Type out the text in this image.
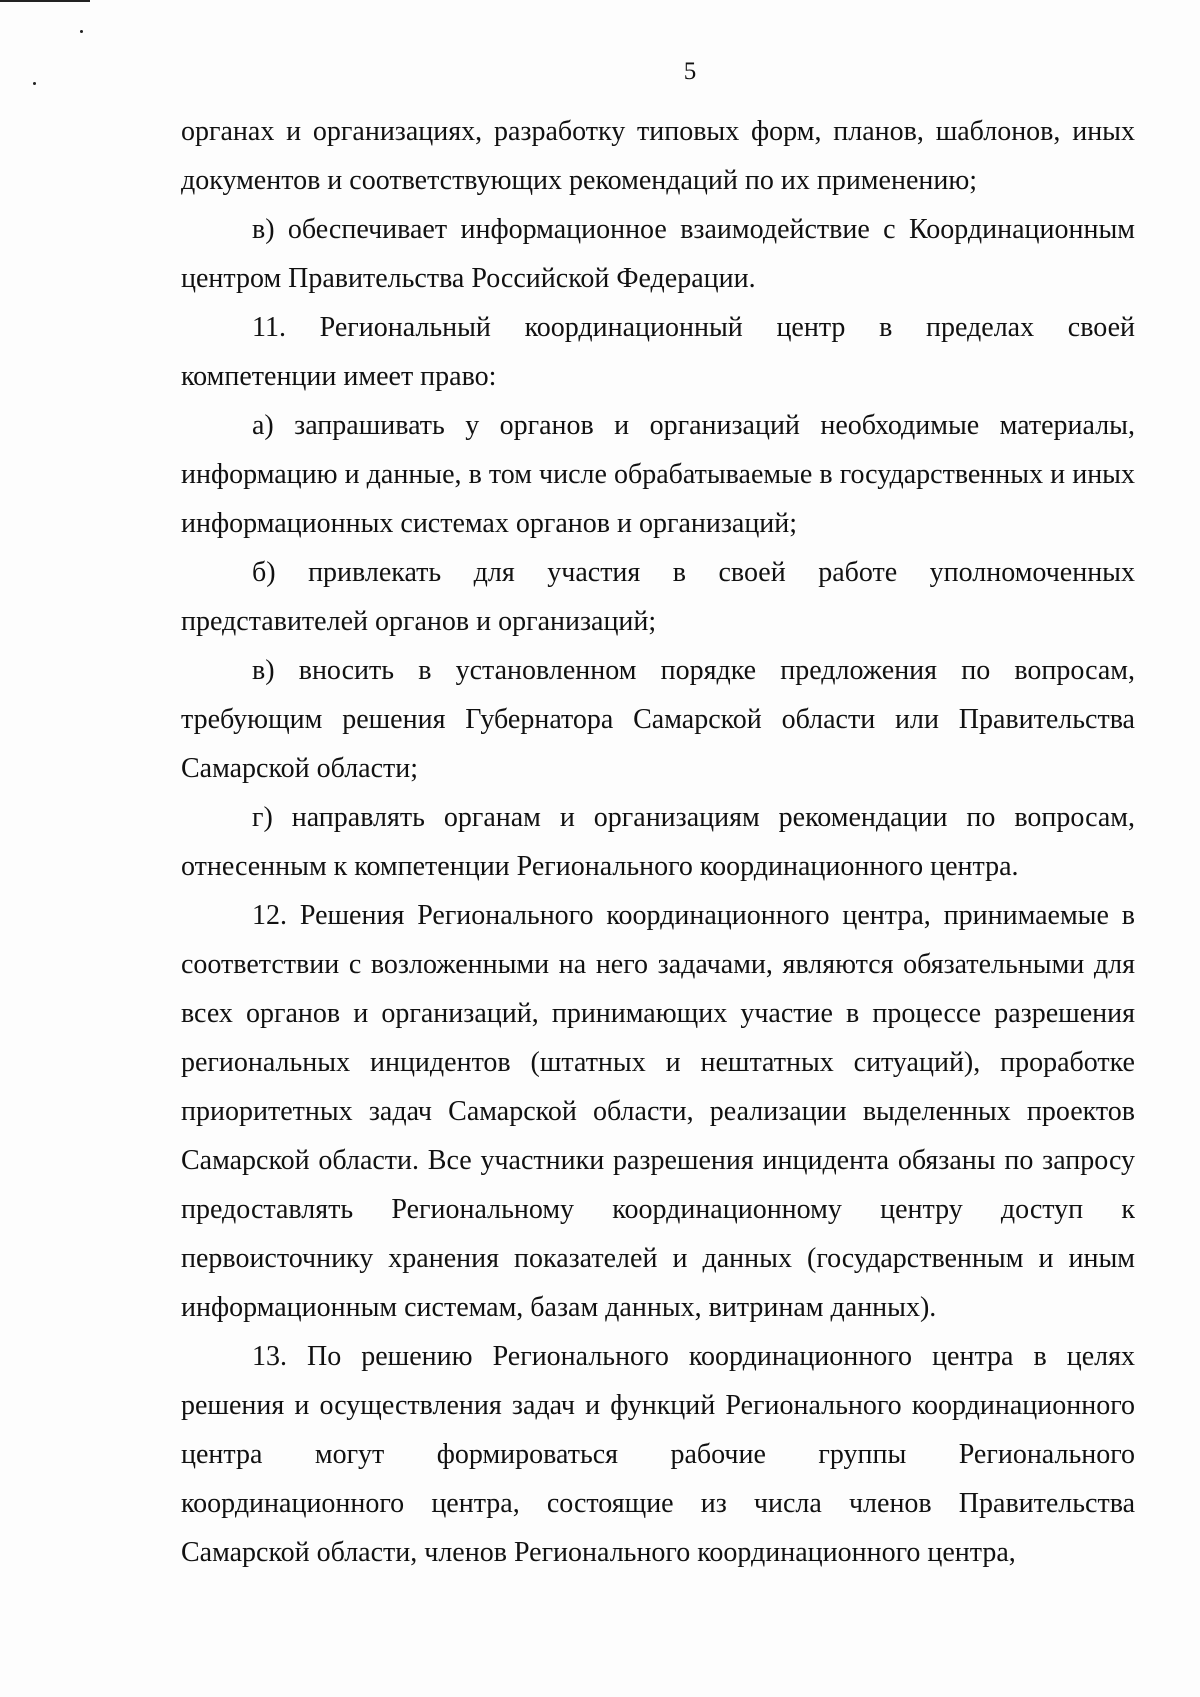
5

органах и организациях, разработку типовых форм, планов, шаблонов, иных документов и соответствующих рекомендаций по их применению;

в) обеспечивает информационное взаимодействие с Координационным центром Правительства Российской Федерации.

11. Региональный координационный центр в пределах своей компетенции имеет право:

а) запрашивать у органов и организаций необходимые материалы, информацию и данные, в том числе обрабатываемые в государственных и иных информационных системах органов и организаций;

б) привлекать для участия в своей работе уполномоченных представителей органов и организаций;

в) вносить в установленном порядке предложения по вопросам, требующим решения Губернатора Самарской области или Правительства Самарской области;

г) направлять органам и организациям рекомендации по вопросам, отнесенным к компетенции Регионального координационного центра.

12. Решения Регионального координационного центра, принимаемые в соответствии с возложенными на него задачами, являются обязательными для всех органов и организаций, принимающих участие в процессе разрешения региональных инцидентов (штатных и нештатных ситуаций), проработке приоритетных задач Самарской области, реализации выделенных проектов Самарской области. Все участники разрешения инцидента обязаны по запросу предоставлять Региональному координационному центру доступ к первоисточнику хранения показателей и данных (государственным и иным информационным системам, базам данных, витринам данных).

13. По решению Регионального координационного центра в целях решения и осуществления задач и функций Регионального координационного центра могут формироваться рабочие группы Регионального координационного центра, состоящие из числа членов Правительства Самарской области, членов Регионального координационного центра,
